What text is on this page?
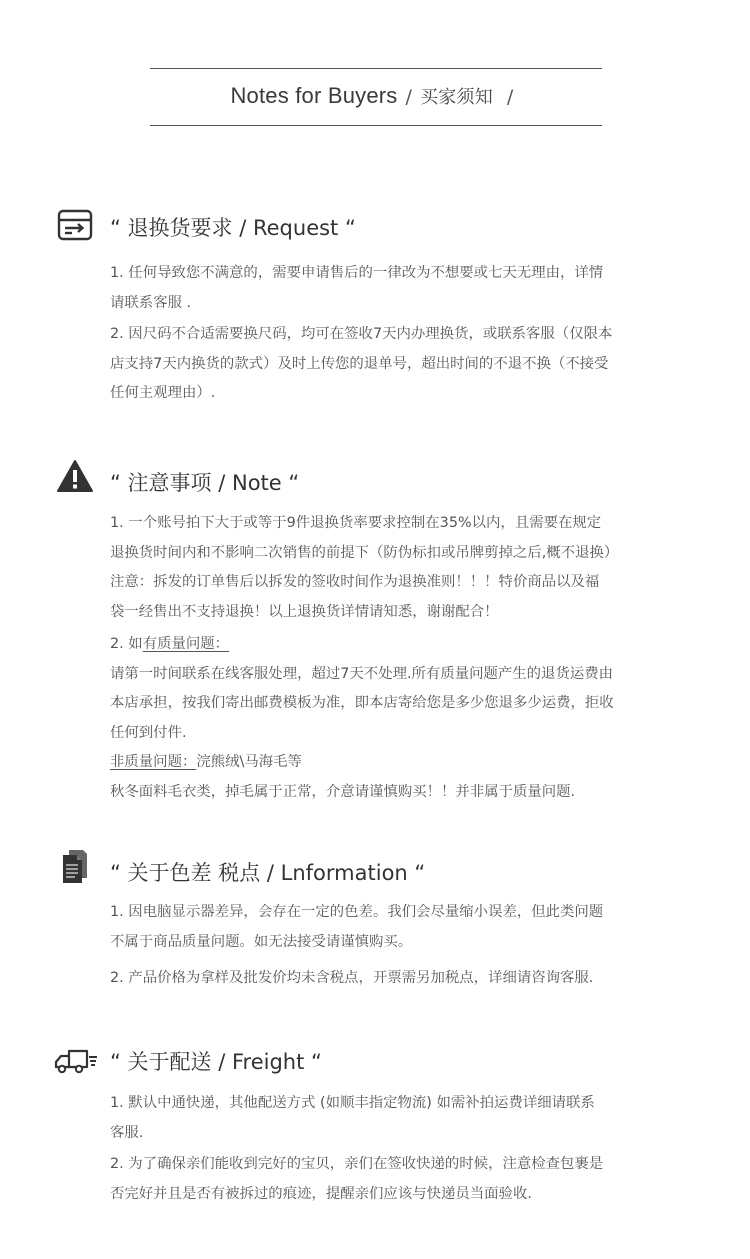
Notes for Buyers / 买家须知 /
“ 退换货要求 / Request “
1. 任何导致您不满意的，需要申请售后的一律改为不想要或七天无理由，详情
请联系客服 .
2. 因尺码不合适需要换尺码，均可在签收7天内办理换货，或联系客服（仅限本
店支持7天内换货的款式）及时上传您的退单号，超出时间的不退不换（不接受
任何主观理由）.
“ 注意事项 / Note “
1. 一个账号拍下大于或等于9件退换货率要求控制在35%以内，且需要在规定
退换货时间内和不影响二次销售的前提下（防伪标扣或吊牌剪掉之后,概不退换）
注意：拆发的订单售后以拆发的签收时间作为退换准则！！！特价商品以及福
袋一经售出不支持退换！以上退换货详情请知悉，谢谢配合！
2. 如有质量问题：
请第一时间联系在线客服处理，超过7天不处理.所有质量问题产生的退货运费由
本店承担，按我们寄出邮费模板为准，即本店寄给您是多少您退多少运费，拒收
任何到付件.
非质量问题：浣熊绒\马海毛等
秋冬面料毛衣类，掉毛属于正常，介意请谨慎购买！！并非属于质量问题.
“ 关于色差 税点 / Lnformation “
1. 因电脑显示器差异，会存在一定的色差。我们会尽量缩小误差，但此类问题
不属于商品质量问题。如无法接受请谨慎购买。
2. 产品价格为拿样及批发价均未含税点，开票需另加税点，详细请咨询客服.
“ 关于配送 / Freight “
1. 默认中通快递，其他配送方式 (如顺丰指定物流) 如需补拍运费详细请联系
客服.
2. 为了确保亲们能收到完好的宝贝，亲们在签收快递的时候，注意检查包裹是
否完好并且是否有被拆过的痕迹，提醒亲们应该与快递员当面验收.
